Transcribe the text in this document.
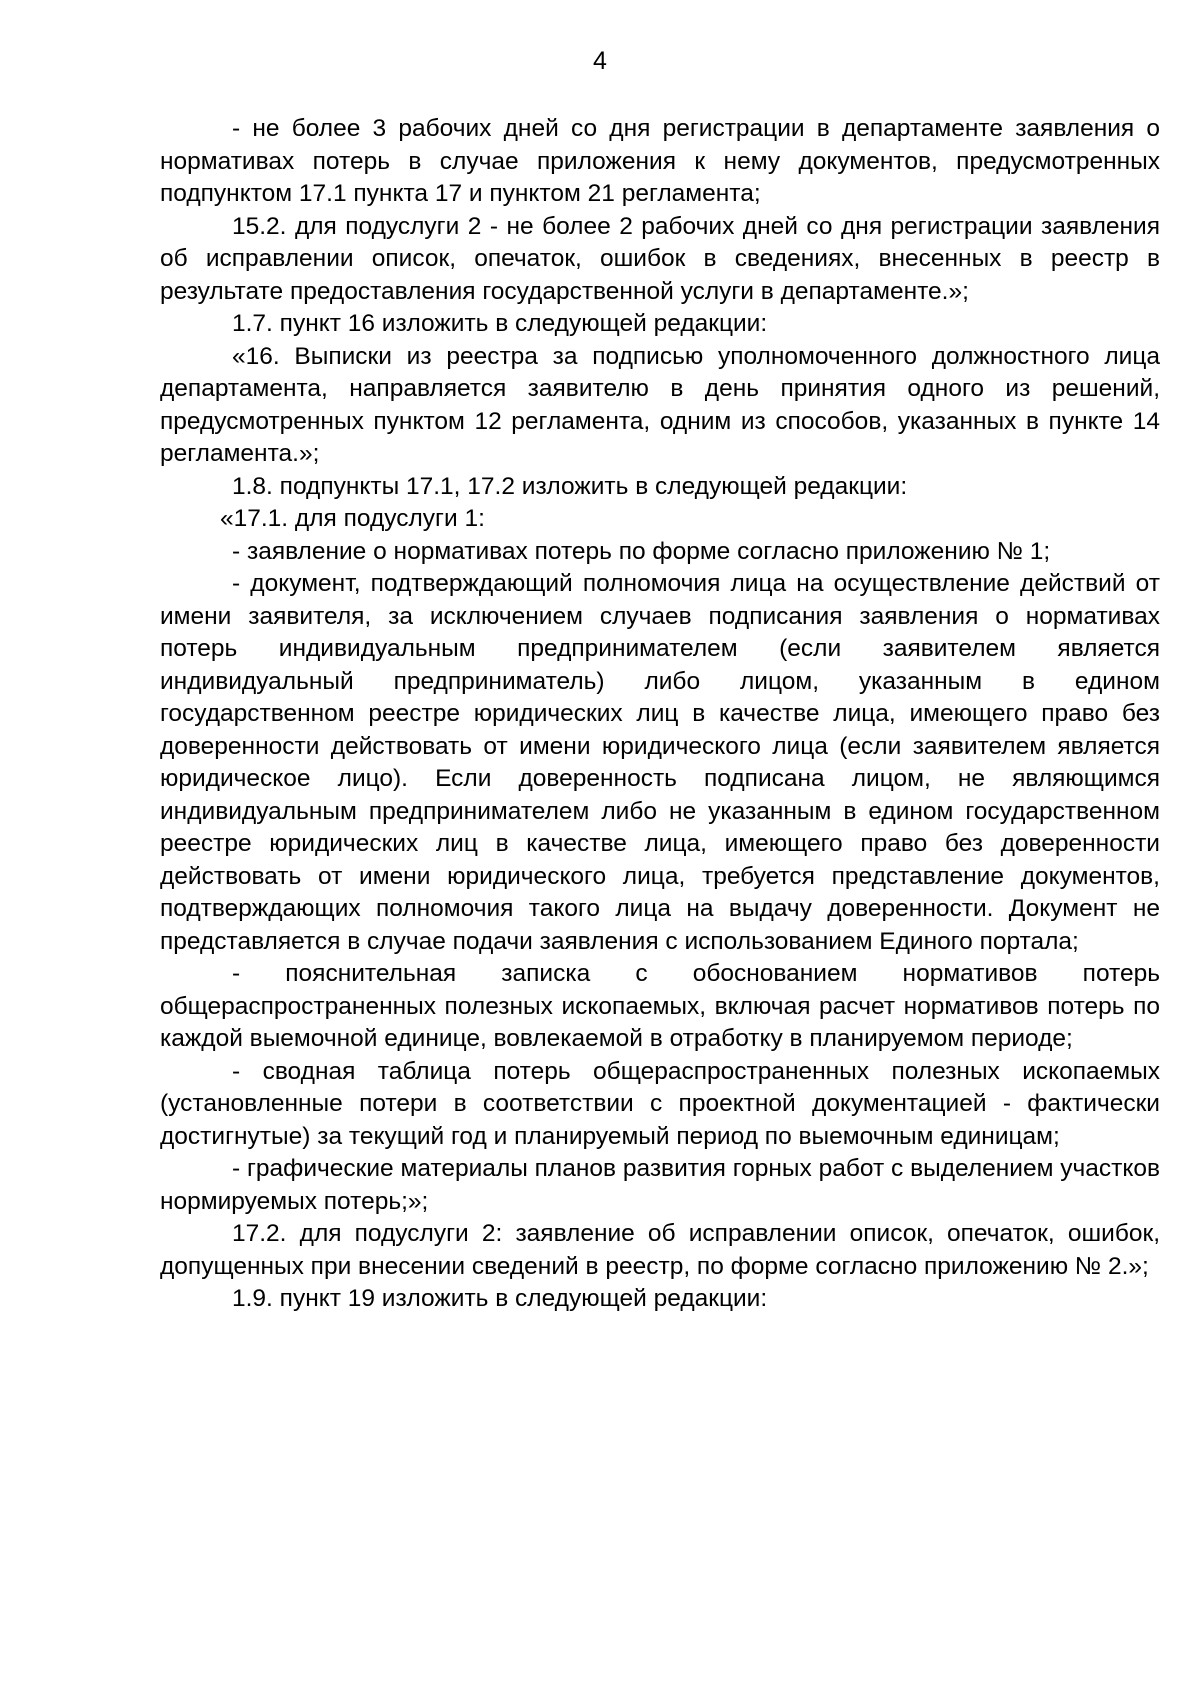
4

- не более 3 рабочих дней со дня регистрации в департаменте заявления о нормативах потерь в случае приложения к нему документов, предусмотренных подпунктом 17.1 пункта 17 и пунктом 21 регламента;

15.2. для подуслуги 2 - не более 2 рабочих дней со дня регистрации заявления об исправлении описок, опечаток, ошибок в сведениях, внесенных в реестр в результате предоставления государственной услуги в департаменте.»;

1.7. пункт 16 изложить в следующей редакции:

«16. Выписки из реестра за подписью уполномоченного должностного лица департамента, направляется заявителю в день принятия одного из решений, предусмотренных пунктом 12 регламента, одним из способов, указанных в пункте 14 регламента.»;

1.8. подпункты 17.1, 17.2 изложить в следующей редакции:

«17.1. для подуслуги 1:

- заявление о нормативах потерь по форме согласно приложению № 1;

- документ, подтверждающий полномочия лица на осуществление действий от имени заявителя, за исключением случаев подписания заявления о нормативах потерь индивидуальным предпринимателем (если заявителем является индивидуальный предприниматель) либо лицом, указанным в едином государственном реестре юридических лиц в качестве лица, имеющего право без доверенности действовать от имени юридического лица (если заявителем является юридическое лицо). Если доверенность подписана лицом, не являющимся индивидуальным предпринимателем либо не указанным в едином государственном реестре юридических лиц в качестве лица, имеющего право без доверенности действовать от имени юридического лица, требуется представление документов, подтверждающих полномочия такого лица на выдачу доверенности. Документ не представляется в случае подачи заявления с использованием Единого портала;

- пояснительная записка с обоснованием нормативов потерь общераспространенных полезных ископаемых, включая расчет нормативов потерь по каждой выемочной единице, вовлекаемой в отработку в планируемом периоде;

- сводная таблица потерь общераспространенных полезных ископаемых (установленные потери в соответствии с проектной документацией - фактически достигнутые) за текущий год и планируемый период по выемочным единицам;

- графические материалы планов развития горных работ с выделением участков нормируемых потерь;»;

17.2. для подуслуги 2: заявление об исправлении описок, опечаток, ошибок, допущенных при внесении сведений в реестр, по форме согласно приложению № 2.»;

1.9. пункт 19 изложить в следующей редакции:
